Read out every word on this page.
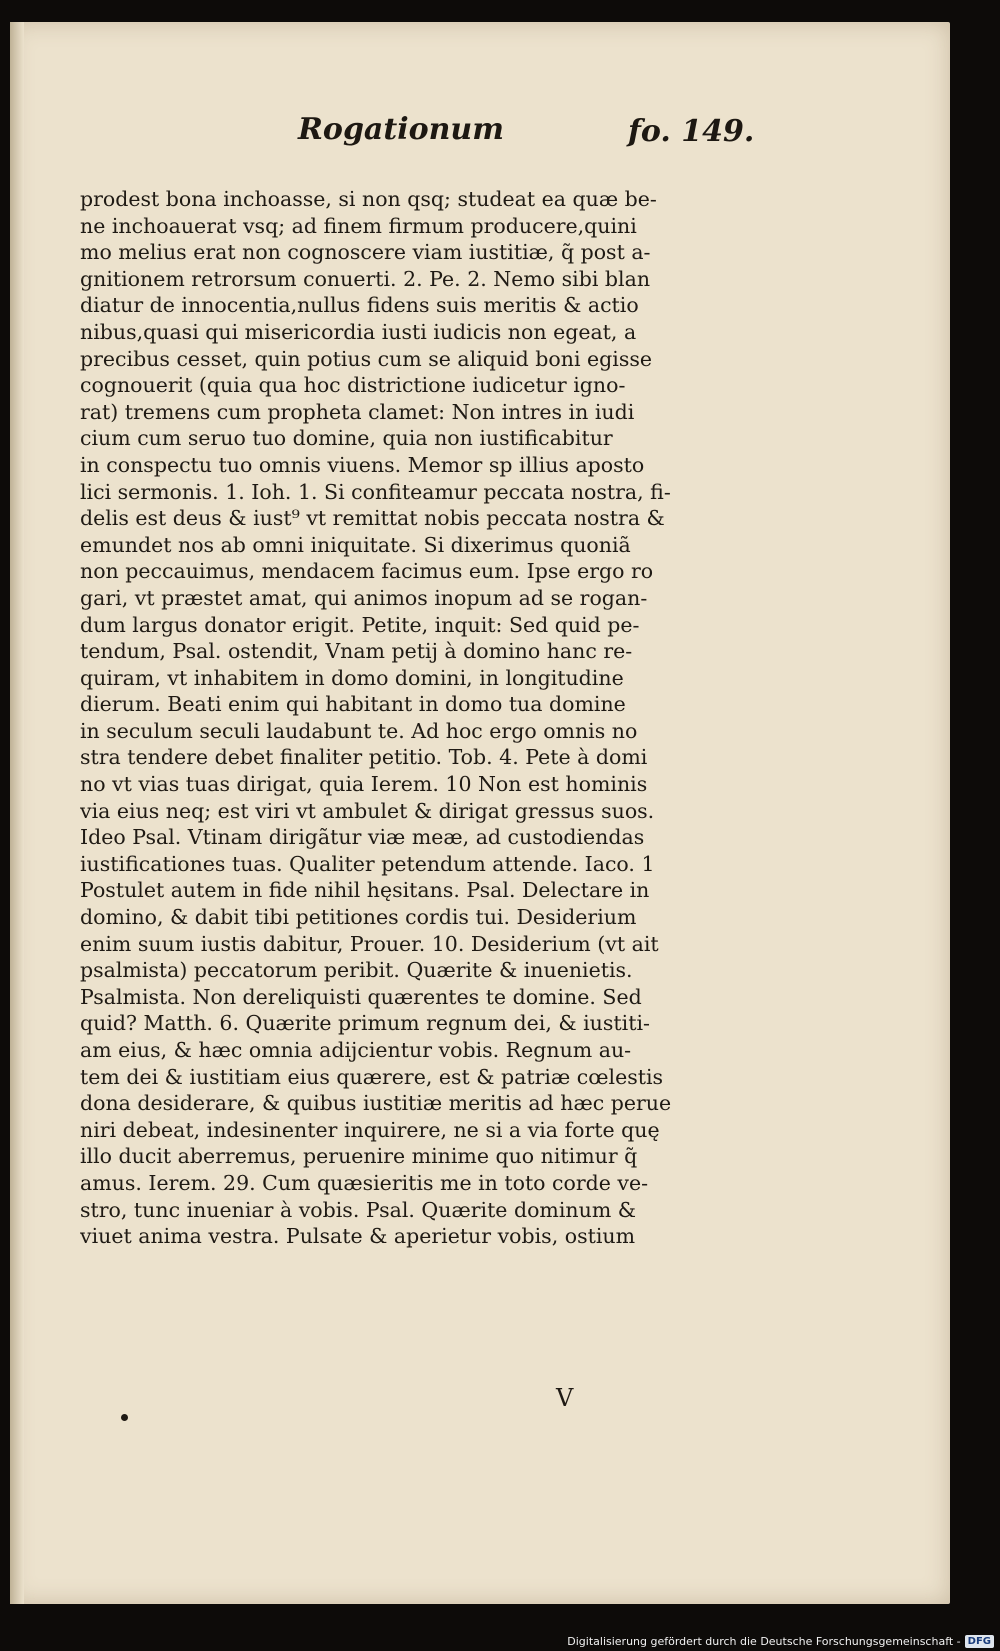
Rogationum	fo. 149.
prodest bona inchoasse, si non qsq; studeat ea quæ be-
ne inchoauerat vsq; ad finem firmum producere,quini
mo melius erat non cognoscere viam iustitiæ, q̃ post a-
gnitionem retrorsum conuerti. 2. Pe. 2. Nemo sibi blan
diatur de innocentia,nullus fidens suis meritis & actio
nibus,quasi qui misericordia iusti iudicis non egeat, a
precibus cesset, quin potius cum se aliquid boni egisse
cognouerit (quia qua hoc districtione iudicetur igno-
rat) tremens cum propheta clamet: Non intres in iudi
cium cum seruo tuo domine, quia non iustificabitur
in conspectu tuo omnis viuens. Memor sp illius aposto
lici sermonis. 1. Ioh. 1. Si confiteamur peccata nostra, fi-
delis est deus & iust⁹ vt remittat nobis peccata nostra &
emundet nos ab omni iniquitate. Si dixerimus quoniã
non peccauimus, mendacem facimus eum. Ipse ergo ro
gari, vt præstet amat, qui animos inopum ad se rogan-
dum largus donator erigit. Petite, inquit: Sed quid pe-
tendum, Psal. ostendit, Vnam petij à domino hanc re-
quiram, vt inhabitem in domo domini, in longitudine
dierum. Beati enim qui habitant in domo tua domine
in seculum seculi laudabunt te. Ad hoc ergo omnis no
stra tendere debet finaliter petitio. Tob. 4. Pete à domi
no vt vias tuas dirigat, quia Ierem. 10 Non est hominis
via eius neq; est viri vt ambulet & dirigat gressus suos.
Ideo Psal. Vtinam dirigãtur viæ meæ, ad custodiendas
iustificationes tuas. Qualiter petendum attende. Iaco. 1
Postulet autem in fide nihil hęsitans. Psal. Delectare in
domino, & dabit tibi petitiones cordis tui. Desiderium
enim suum iustis dabitur, Prouer. 10. Desiderium (vt ait
psalmista) peccatorum peribit. Quærite & inuenietis.
Psalmista. Non dereliquisti quærentes te domine. Sed
quid? Matth. 6. Quærite primum regnum dei, & iustiti-
am eius, & hæc omnia adijcientur vobis. Regnum au-
tem dei & iustitiam eius quærere, est & patriæ cœlestis
dona desiderare, & quibus iustitiæ meritis ad hæc perue
niri debeat, indesinenter inquirere, ne si a via forte quę
illo ducit aberremus, peruenire minime quo nitimur q̃
amus. Ierem. 29. Cum quæsieritis me in toto corde ve-
stro, tunc inueniar à vobis. Psal. Quærite dominum &
viuet anima vestra. Pulsate & aperietur vobis, ostium
V
Digitalisierung gefördert durch die Deutsche Forschungsgemeinschaft - DFG
